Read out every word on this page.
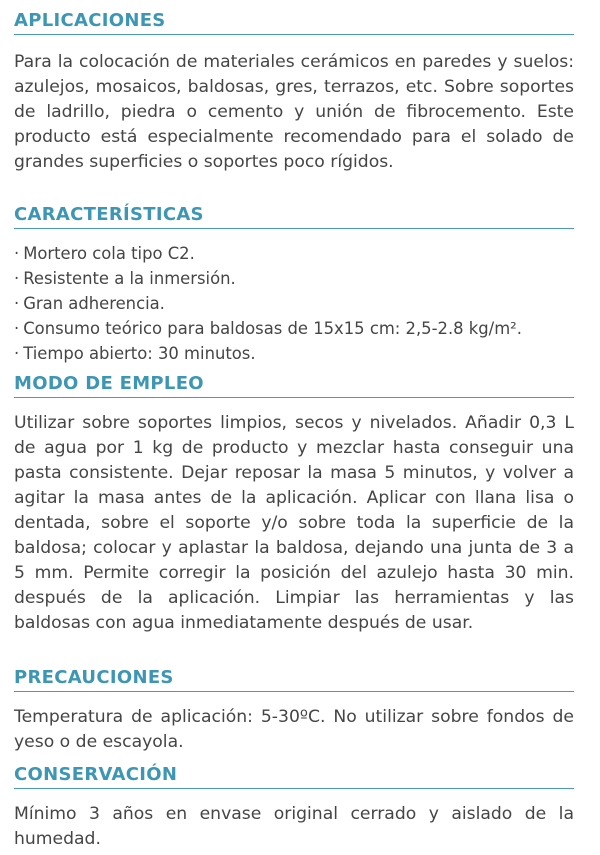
APLICACIONES

Para la colocación de materiales cerámicos en paredes y suelos: azulejos, mosaicos, baldosas, gres, terrazos, etc. Sobre soportes de ladrillo, piedra o cemento y unión de fibrocemento. Este producto está especialmente recomendado para el solado de grandes superficies o soportes poco rígidos.

CARACTERÍSTICAS
· Mortero cola tipo C2.
· Resistente a la inmersión.
· Gran adherencia.
· Consumo teórico para baldosas de 15x15 cm: 2,5-2.8 kg/m².
· Tiempo abierto: 30 minutos.
MODO DE EMPLEO

Utilizar sobre soportes limpios, secos y nivelados. Añadir 0,3 L de agua por 1 kg de producto y mezclar hasta conseguir una pasta consistente. Dejar reposar la masa 5 minutos, y volver a agitar la masa antes de la aplicación. Aplicar con llana lisa o dentada, sobre el soporte y/o sobre toda la superficie de la baldosa; colocar y aplastar la baldosa, dejando una junta de 3 a 5 mm. Permite corregir la posición del azulejo hasta 30 min. después de la aplicación. Limpiar las herramientas y las baldosas con agua inmediatamente después de usar.

PRECAUCIONES

Temperatura de aplicación: 5-30ºC. No utilizar sobre fondos de yeso o de escayola.

CONSERVACIÓN

Mínimo 3 años en envase original cerrado y aislado de la humedad.
